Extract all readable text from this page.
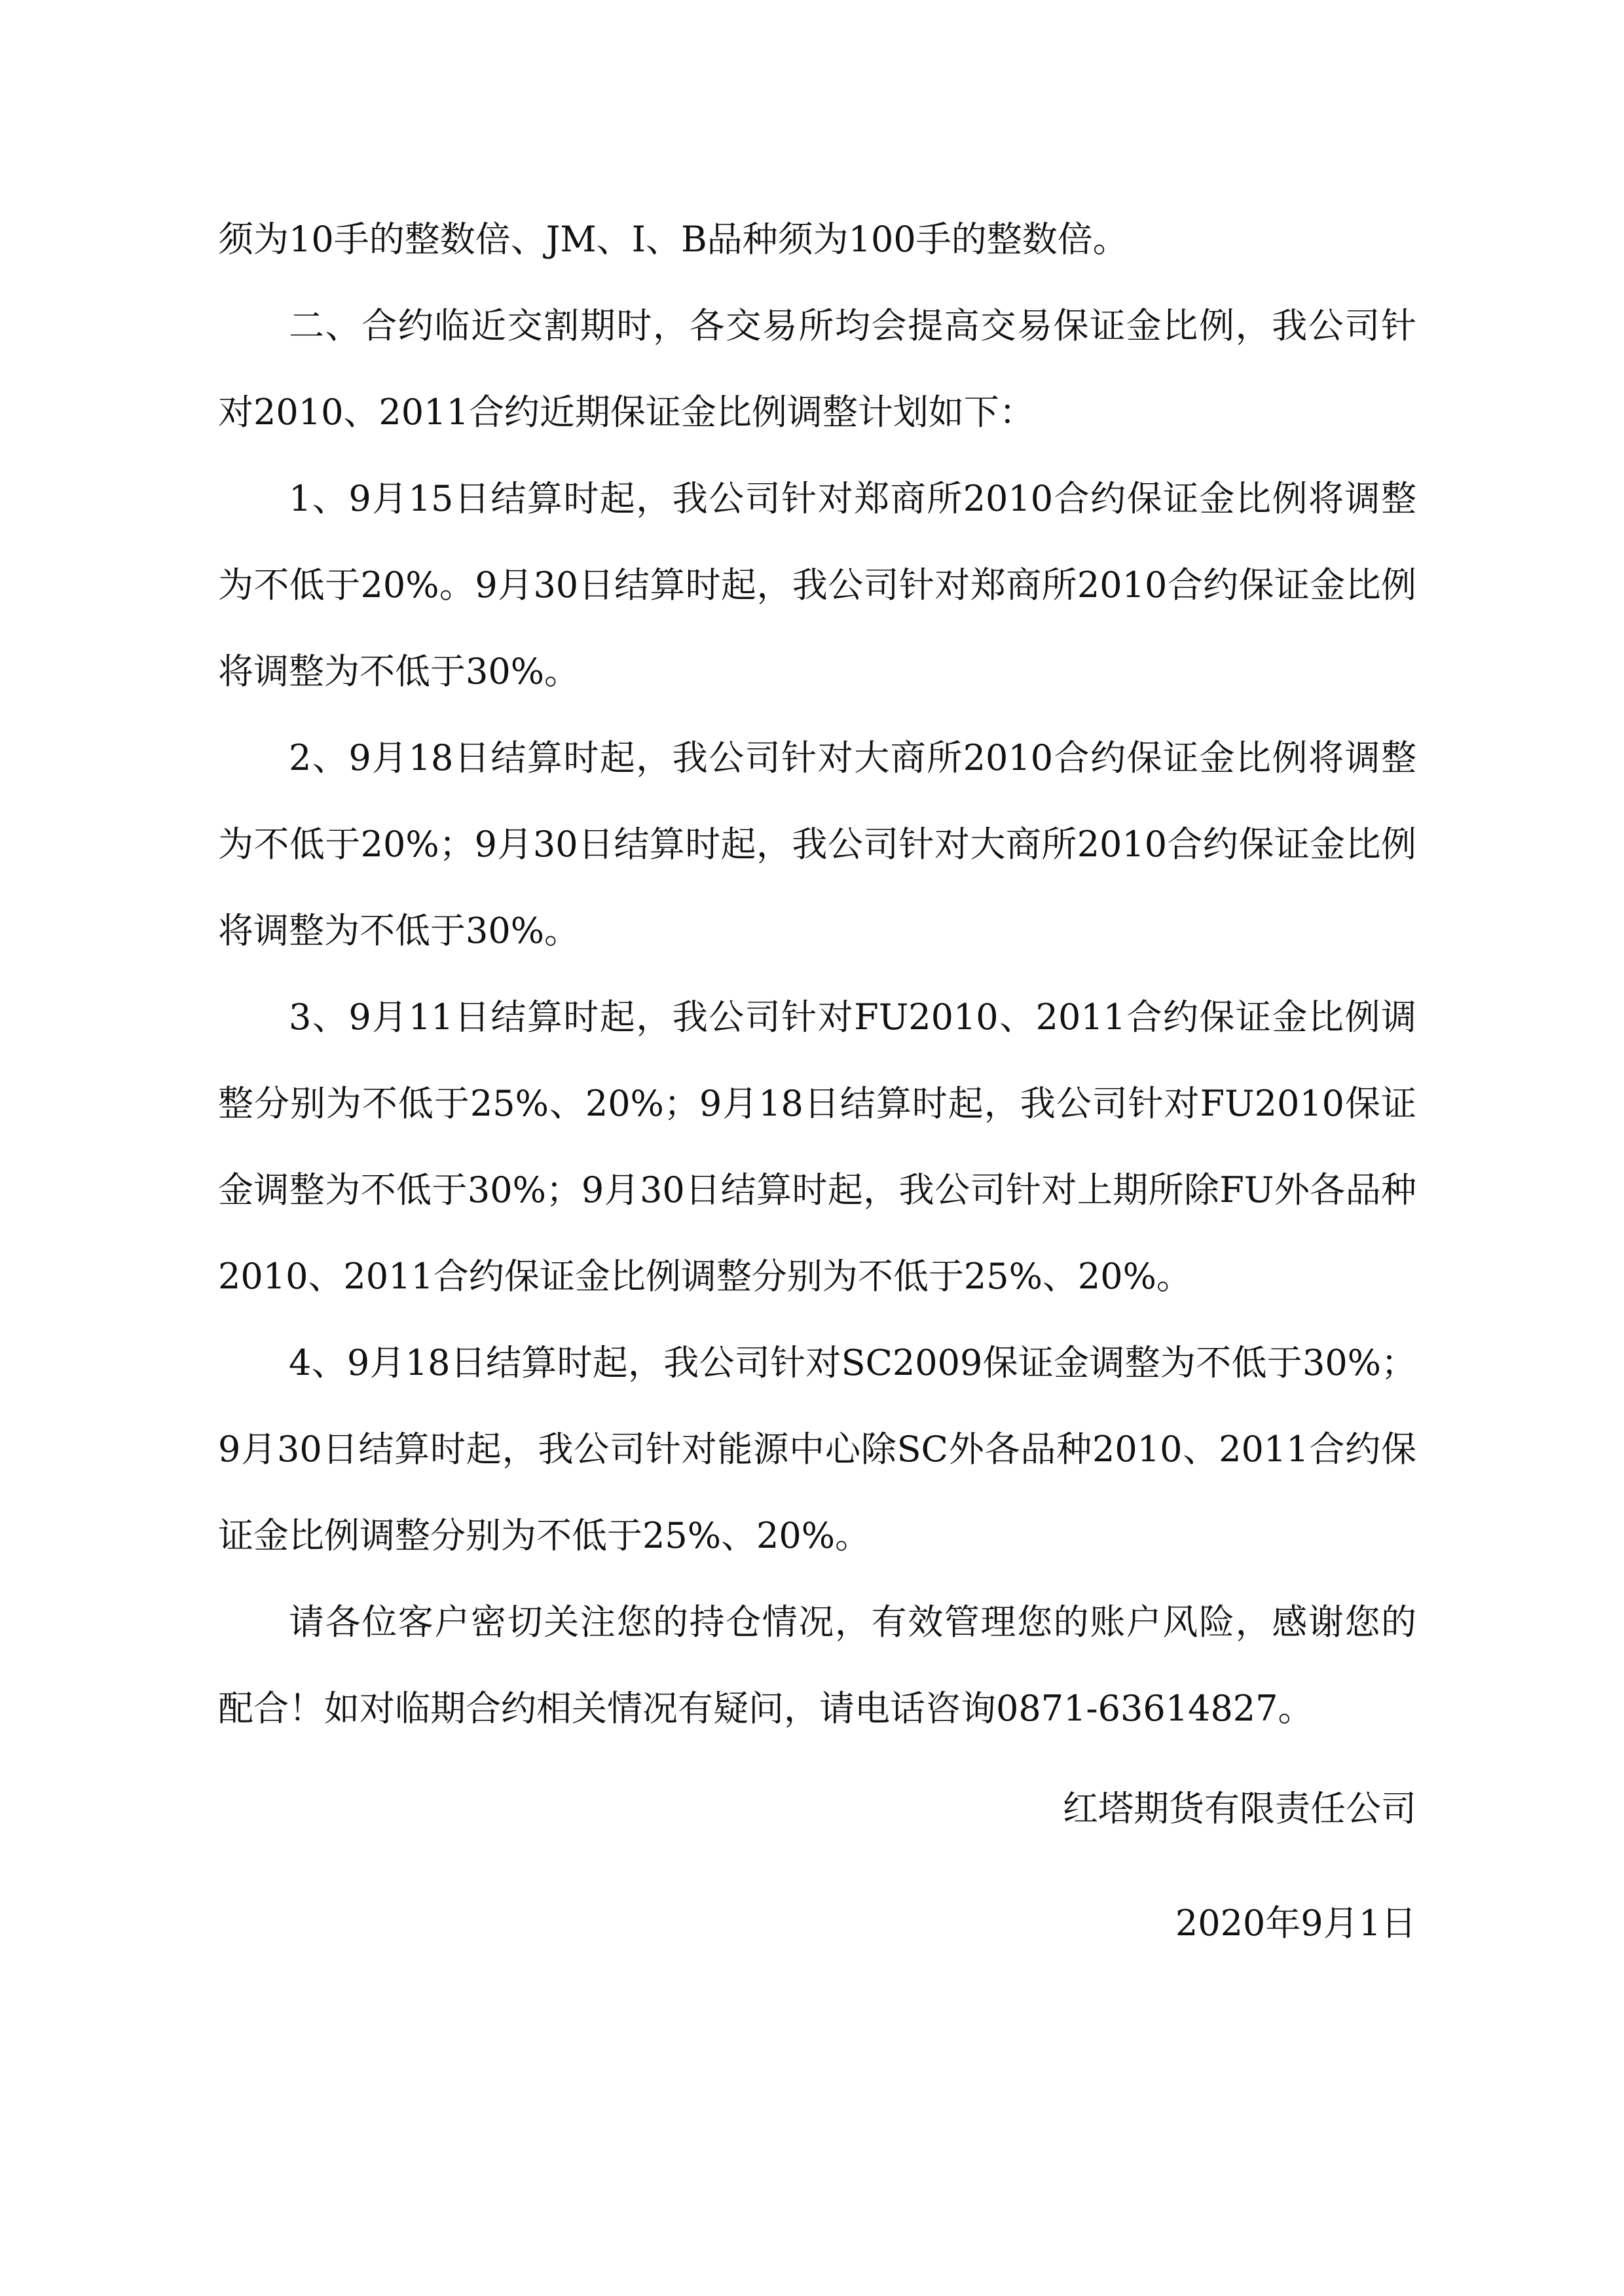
须为10手的整数倍、JM、I、B品种须为100手的整数倍。

二、合约临近交割期时，各交易所均会提高交易保证金比例，我公司针对2010、2011合约近期保证金比例调整计划如下：

1、9月15日结算时起，我公司针对郑商所2010合约保证金比例将调整为不低于20%。9月30日结算时起，我公司针对郑商所2010合约保证金比例将调整为不低于30%。

2、9月18日结算时起，我公司针对大商所2010合约保证金比例将调整为不低于20%；9月30日结算时起，我公司针对大商所2010合约保证金比例将调整为不低于30%。

3、9月11日结算时起，我公司针对FU2010、2011合约保证金比例调整分别为不低于25%、20%；9月18日结算时起，我公司针对FU2010保证金调整为不低于30%；9月30日结算时起，我公司针对上期所除FU外各品种2010、2011合约保证金比例调整分别为不低于25%、20%。

4、9月18日结算时起，我公司针对SC2009保证金调整为不低于30%；9月30日结算时起，我公司针对能源中心除SC外各品种2010、2011合约保证金比例调整分别为不低于25%、20%。

请各位客户密切关注您的持仓情况，有效管理您的账户风险，感谢您的配合！如对临期合约相关情况有疑问，请电话咨询0871-63614827。

红塔期货有限责任公司
2020年9月1日
